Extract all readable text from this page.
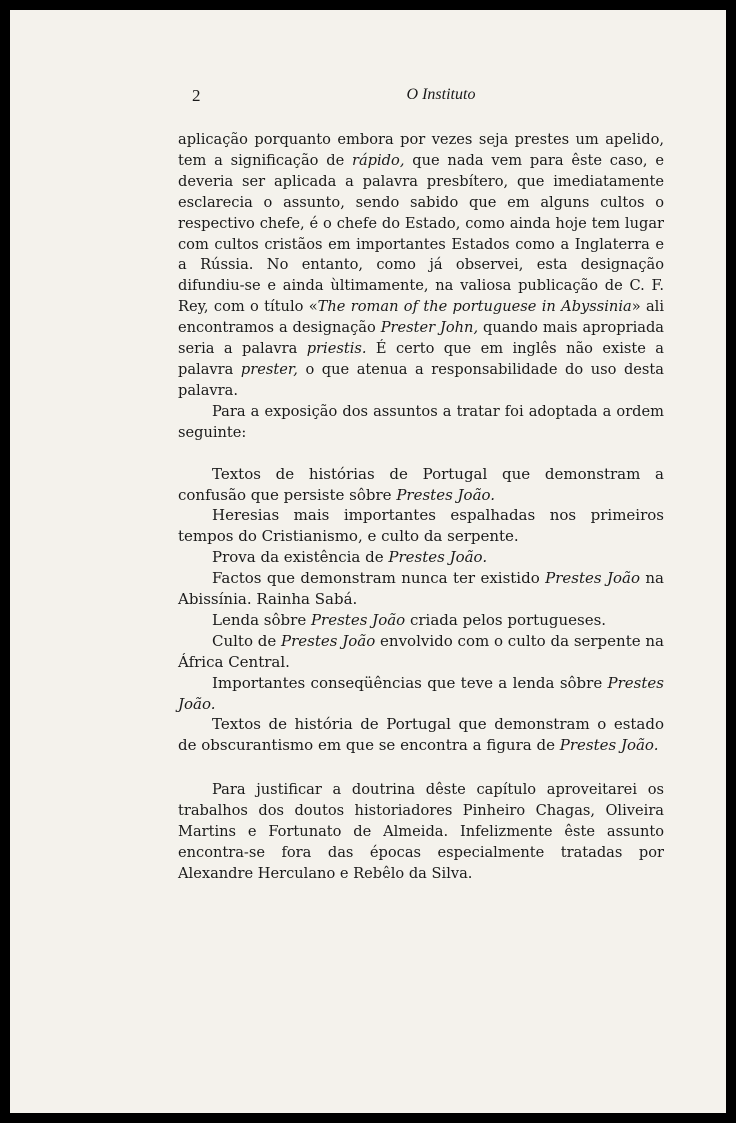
2	O Instituto

aplicação porquanto embora por vezes seja prestes um apelido, tem a significação de rápido, que nada vem para êste caso, e deveria ser aplicada a palavra presbítero, que imediatamente esclarecia o assunto, sendo sabido que em alguns cultos o respectivo chefe, é o chefe do Estado, como ainda hoje tem lugar com cultos cristãos em importantes Estados como a Inglaterra e a Rússia. No entanto, como já observei, esta designação difundiu-se e ainda ùltimamente, na valiosa publicação de C. F. Rey, com o título «The roman of the portuguese in Abyssinia» ali encontramos a designação Prester John, quando mais apropriada seria a palavra priestis. É certo que em inglês não existe a palavra prester, o que atenua a responsabilidade do uso desta palavra.

Para a exposição dos assuntos a tratar foi adoptada a ordem seguinte:

Textos de histórias de Portugal que demonstram a confusão que persiste sôbre Prestes João.

Heresias mais importantes espalhadas nos primeiros tempos do Cristianismo, e culto da serpente.

Prova da existência de Prestes João.

Factos que demonstram nunca ter existido Prestes João na Abissínia. Rainha Sabá.

Lenda sôbre Prestes João criada pelos portugueses.

Culto de Prestes João envolvido com o culto da serpente na África Central.

Importantes conseqüências que teve a lenda sôbre Prestes João.

Textos de história de Portugal que demonstram o estado de obscurantismo em que se encontra a figura de Prestes João.

Para justificar a doutrina dêste capítulo aproveitarei os trabalhos dos doutos historiadores Pinheiro Chagas, Oliveira Martins e Fortunato de Almeida. Infelizmente êste assunto encontra-se fora das épocas especialmente tratadas por Alexandre Herculano e Rebêlo da Silva.
